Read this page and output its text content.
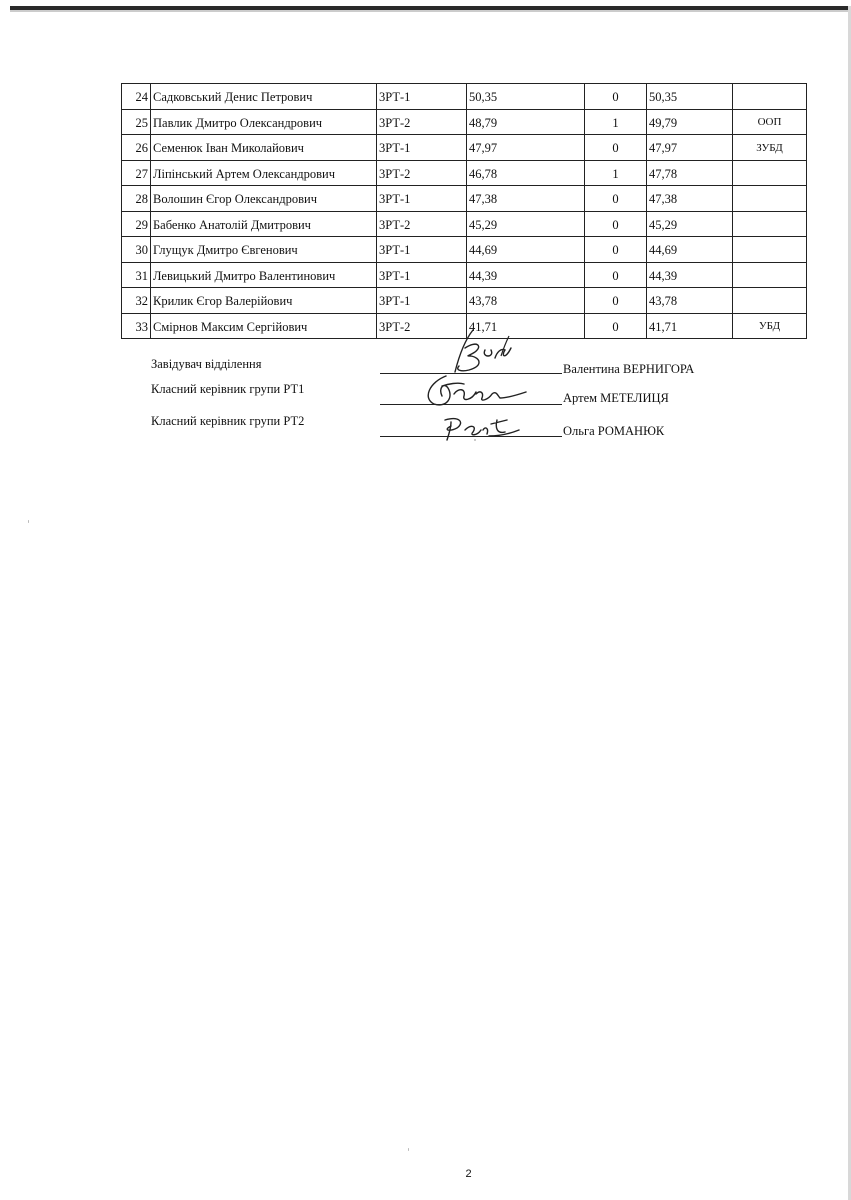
24	Садковський Денис Петрович	3РТ-1	50,35	0	50,35	
25	Павлик Дмитро Олександрович	3РТ-2	48,79	1	49,79	ООП
26	Семенюк Іван Миколайович	3РТ-1	47,97	0	47,97	ЗУБД
27	Ліпінський Артем Олександрович	3РТ-2	46,78	1	47,78	
28	Волошин Єгор Олександрович	3РТ-1	47,38	0	47,38	
29	Бабенко Анатолій Дмитрович	3РТ-2	45,29	0	45,29	
30	Глущук Дмитро Євгенович	3РТ-1	44,69	0	44,69	
31	Левицький Дмитро Валентинович	3РТ-1	44,39	0	44,39	
32	Крилик Єгор Валерійович	3РТ-1	43,78	0	43,78	
33	Смірнов Максим Сергійович	3РТ-2	41,71	0	41,71	УБД
Завідувач відділення	Валентина ВЕРНИГОРА
Класний керівник групи РТ1
Артем МЕТЕЛИЦЯ
Класний керівник групи РТ2
Ольга РОМАНЮК
2
